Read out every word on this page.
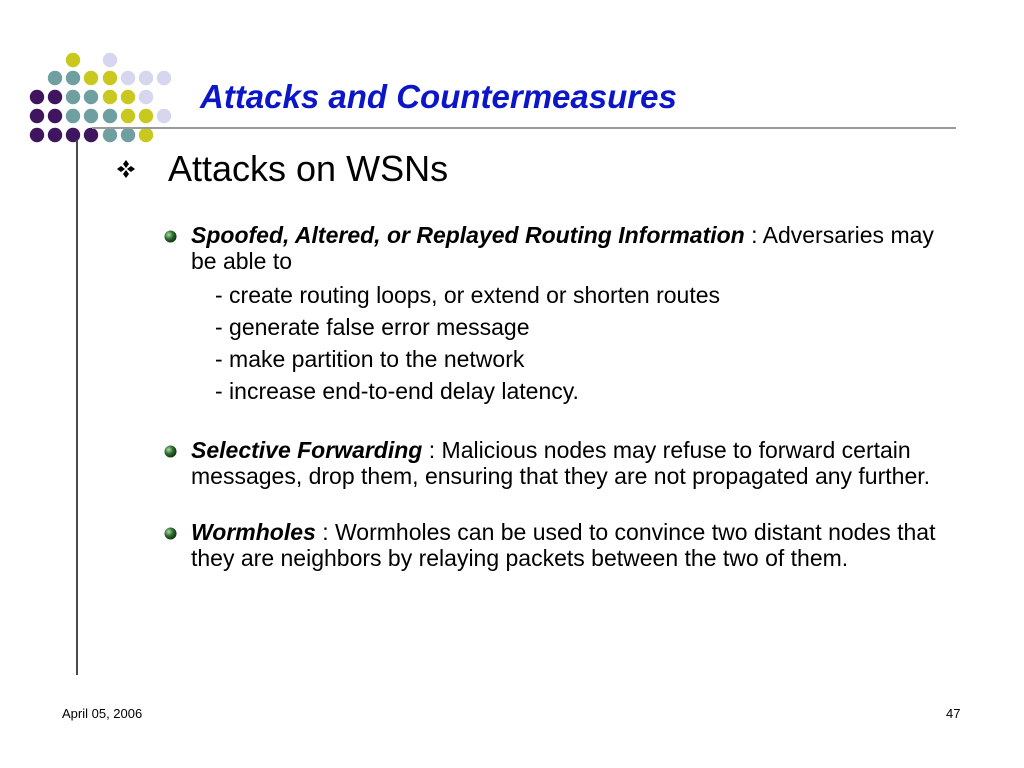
Attacks and Countermeasures
Attacks on WSNs
Spoofed, Altered, or Replayed Routing Information : Adversaries may be able to
- create routing loops, or extend or shorten routes
- generate false error message
- make partition to the network
- increase end-to-end delay latency.
Selective Forwarding : Malicious nodes may refuse to forward certain messages, drop them, ensuring that they are not propagated any further.
Wormholes : Wormholes can be used to convince two distant nodes that they are neighbors by relaying packets between the two of them.
April 05, 2006	47
